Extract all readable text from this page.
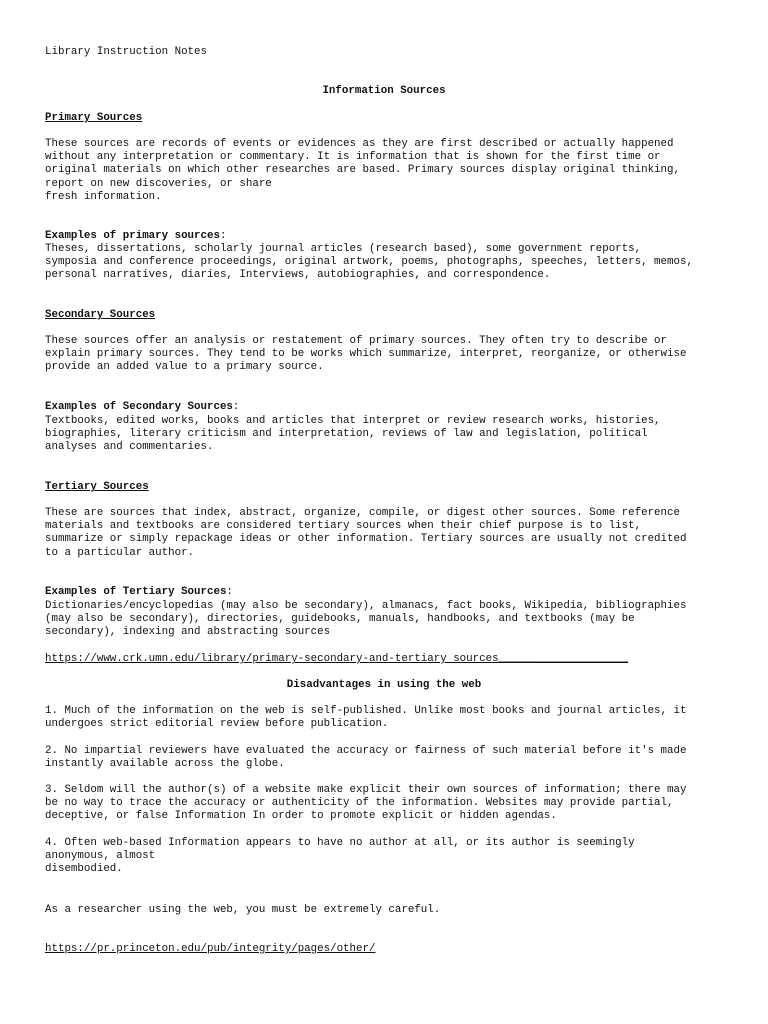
Library Instruction Notes
Information Sources
Primary Sources
These sources are records of events or evidences as they are first described or actually happened
without any interpretation or commentary. It is information that is shown for the first time or
original materials on which other researches are based. Primary sources display original thinking,
report on new discoveries, or share
fresh information.
Examples of primary sources:
Theses, dissertations, scholarly journal articles (research based), some government reports,
symposia and conference proceedings, original artwork, poems, photographs, speeches, letters, memos,
personal narratives, diaries, Interviews, autobiographies, and correspondence.
Secondary Sources
These sources offer an analysis or restatement of primary sources. They often try to describe or
explain primary sources. They tend to be works which summarize, interpret, reorganize, or otherwise
provide an added value to a primary source.
Examples of Secondary Sources:
Textbooks, edited works, books and articles that interpret or review research works, histories,
biographies, literary criticism and interpretation, reviews of law and legislation, political
analyses and commentaries.
Tertiary Sources
These are sources that index, abstract, organize, compile, or digest other sources. Some reference
materials and textbooks are considered tertiary sources when their chief purpose is to list,
summarize or simply repackage ideas or other information. Tertiary sources are usually not credited
to a particular author.
Examples of Tertiary Sources:
Dictionaries/encyclopedias (may also be secondary), almanacs, fact books, Wikipedia, bibliographies
(may also be secondary), directories, guidebooks, manuals, handbooks, and textbooks (may be
secondary), indexing and abstracting sources
https://www.crk.umn.edu/library/primary-secondary-and-tertiary sources____________________
Disadvantages in using the web
1. Much of the information on the web is self-published. Unlike most books and journal articles, it
undergoes strict editorial review before publication.
2. No impartial reviewers have evaluated the accuracy or fairness of such material before it's made
instantly available across the globe.
3. Seldom will the author(s) of a website make explicit their own sources of information; there may
be no way to trace the accuracy or authenticity of the information. Websites may provide partial,
deceptive, or false Information In order to promote explicit or hidden agendas.
4. Often web-based Information appears to have no author at all, or its author is seemingly
anonymous, almost
disembodied.
As a researcher using the web, you must be extremely careful.
https://pr.princeton.edu/pub/integrity/pages/other/
